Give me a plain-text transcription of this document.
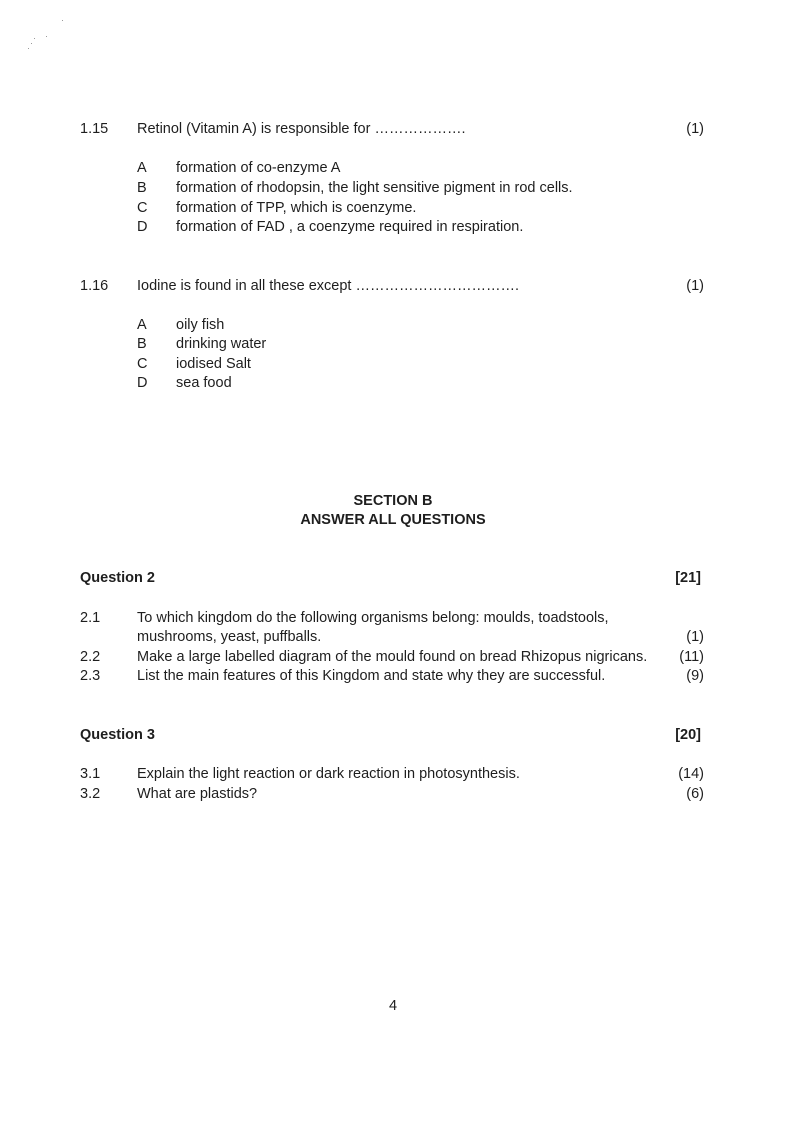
1.15 Retinol (Vitamin A) is responsible for ……………….	(1)
A formation of co-enzyme A
B formation of rhodopsin, the light sensitive pigment in rod cells.
C formation of TPP, which is coenzyme.
D formation of FAD , a coenzyme required in respiration.
1.16 Iodine is found in all these except …………………………….	(1)
A oily fish
B drinking water
C iodised Salt
D sea food
SECTION B
ANSWER ALL QUESTIONS
Question 2	[21]
2.1	To which kingdom do the following organisms belong: moulds, toadstools,
mushrooms, yeast, puffballs.	(1)
2.2	Make a large labelled diagram of the mould found on bread Rhizopus nigricans. (11)
2.3	List the main features of this Kingdom and state why they are successful.	(9)
Question 3	[20]
3.1	Explain the light reaction or dark reaction in photosynthesis.	(14)
3.2	What are plastids?	(6)
4
